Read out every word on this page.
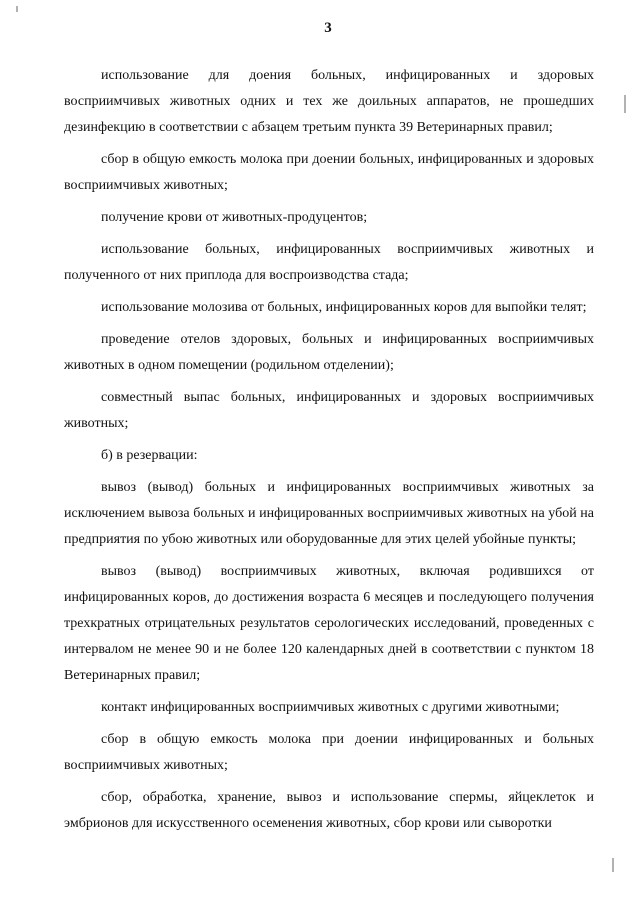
3

использование для доения больных, инфицированных и здоровых восприимчивых животных одних и тех же доильных аппаратов, не прошедших дезинфекцию в соответствии с абзацем третьим пункта 39 Ветеринарных правил;

сбор в общую емкость молока при доении больных, инфицированных и здоровых восприимчивых животных;

получение крови от животных-продуцентов;

использование больных, инфицированных восприимчивых животных и полученного от них приплода для воспроизводства стада;

использование молозива от больных, инфицированных коров для выпойки телят;

проведение отелов здоровых, больных и инфицированных восприимчивых животных в одном помещении (родильном отделении);

совместный выпас больных, инфицированных и здоровых восприимчивых животных;

б) в резервации:

вывоз (вывод) больных и инфицированных восприимчивых животных за исключением вывоза больных и инфицированных восприимчивых животных на убой на предприятия по убою животных или оборудованные для этих целей убойные пункты;

вывоз (вывод) восприимчивых животных, включая родившихся от инфицированных коров, до достижения возраста 6 месяцев и последующего получения трехкратных отрицательных результатов серологических исследований, проведенных с интервалом не менее 90 и не более 120 календарных дней в соответствии с пунктом 18 Ветеринарных правил;

контакт инфицированных восприимчивых животных с другими животными;

сбор в общую емкость молока при доении инфицированных и больных восприимчивых животных;

сбор, обработка, хранение, вывоз и использование спермы, яйцеклеток и эмбрионов для искусственного осеменения животных, сбор крови или сыворотки
